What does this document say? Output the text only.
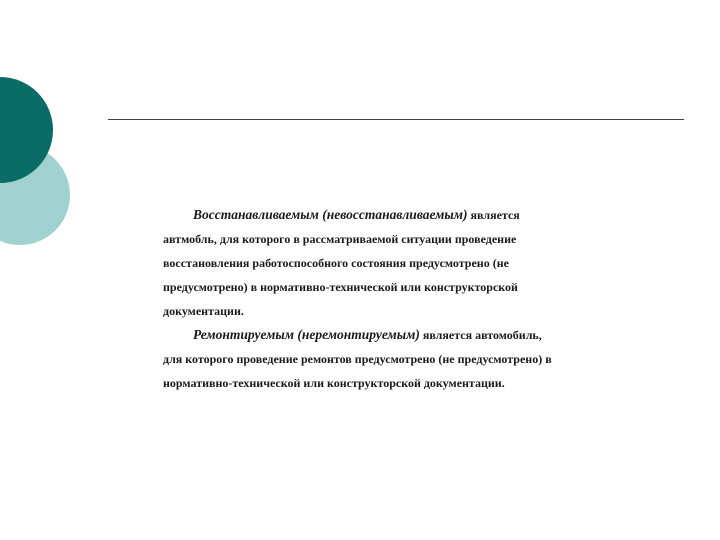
Восстанавливаемым (невосстанавливаемым) является
автмобль, для которого в рассматриваемой ситуации проведение
восстановления работоспособного состояния предусмотрено (не
предусмотрено) в нормативно-технической или конструкторской
документации.
Ремонтируемым (неремонтируемым) является автомобиль,
для которого проведение ремонтов предусмотрено (не предусмотрено) в
нормативно-технической или конструкторской документации.
